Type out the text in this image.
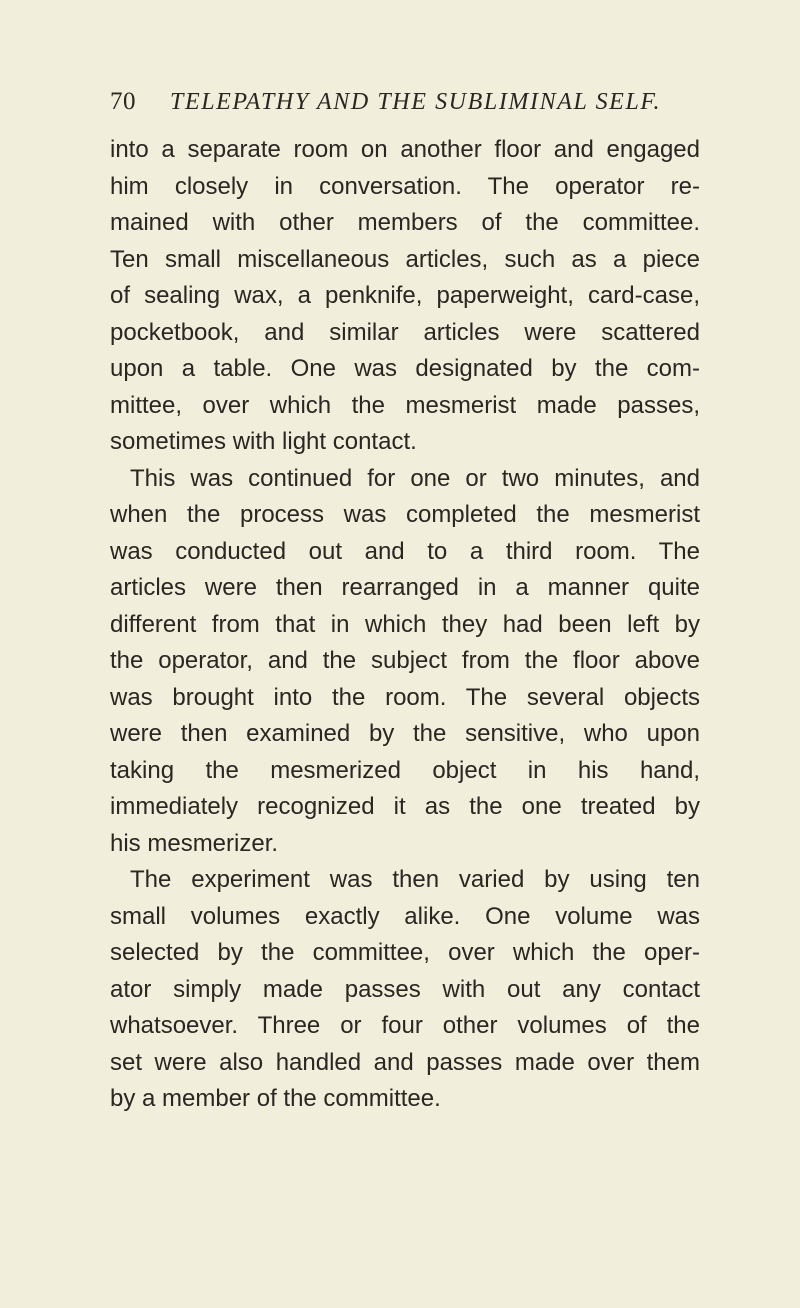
70 TELEPATHY AND THE SUBLIMINAL SELF.
into a separate room on another floor and engaged
him closely in conversation. The operator re-
mained with other members of the committee.
Ten small miscellaneous articles, such as a piece
of sealing wax, a penknife, paperweight, card-case,
pocketbook, and similar articles were scattered
upon a table. One was designated by the com-
mittee, over which the mesmerist made passes,
sometimes with light contact.
This was continued for one or two minutes, and
when the process was completed the mesmerist
was conducted out and to a third room. The
articles were then rearranged in a manner quite
different from that in which they had been left by
the operator, and the subject from the floor above
was brought into the room. The several objects
were then examined by the sensitive, who upon
taking the mesmerized object in his hand,
immediately recognized it as the one treated by
his mesmerizer.
The experiment was then varied by using ten
small volumes exactly alike. One volume was
selected by the committee, over which the oper-
ator simply made passes with out any contact
whatsoever. Three or four other volumes of the
set were also handled and passes made over them
by a member of the committee.
